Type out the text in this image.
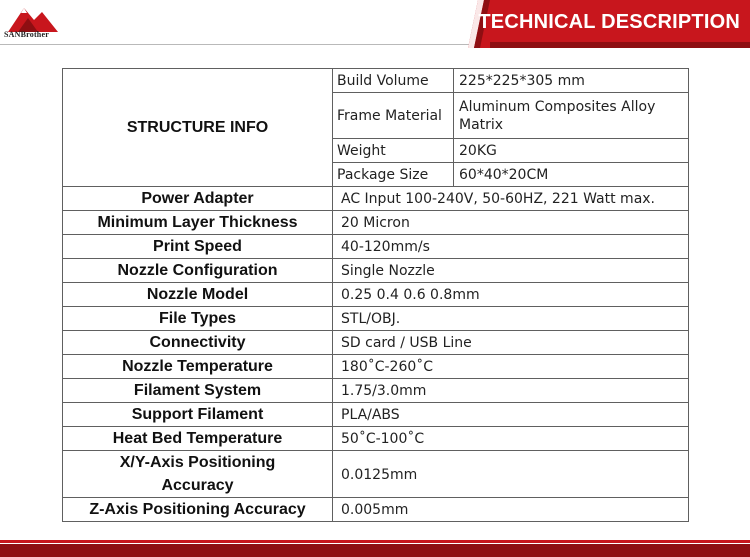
SANBrother
TECHNICAL DESCRIPTION
STRUCTURE INFO	Build Volume	225*225*305 mm
	Frame Material	Aluminum Composites Alloy Matrix
	Weight	20KG
	Package Size	60*40*20CM
Power Adapter	AC Input 100-240V, 50-60HZ, 221 Watt max.	
Minimum Layer Thickness	20 Micron	
Print Speed	40-120mm/s	
Nozzle Configuration	Single Nozzle	
Nozzle Model	0.25 0.4 0.6 0.8mm	
File Types	STL/OBJ.	
Connectivity	SD card / USB Line	
Nozzle Temperature	180˚C-260˚C	
Filament System	1.75/3.0mm	
Support Filament	PLA/ABS	
Heat Bed Temperature	50˚C-100˚C	
X/Y-Axis Positioning Accuracy	0.0125mm	
Z-Axis Positioning Accuracy	0.005mm	
